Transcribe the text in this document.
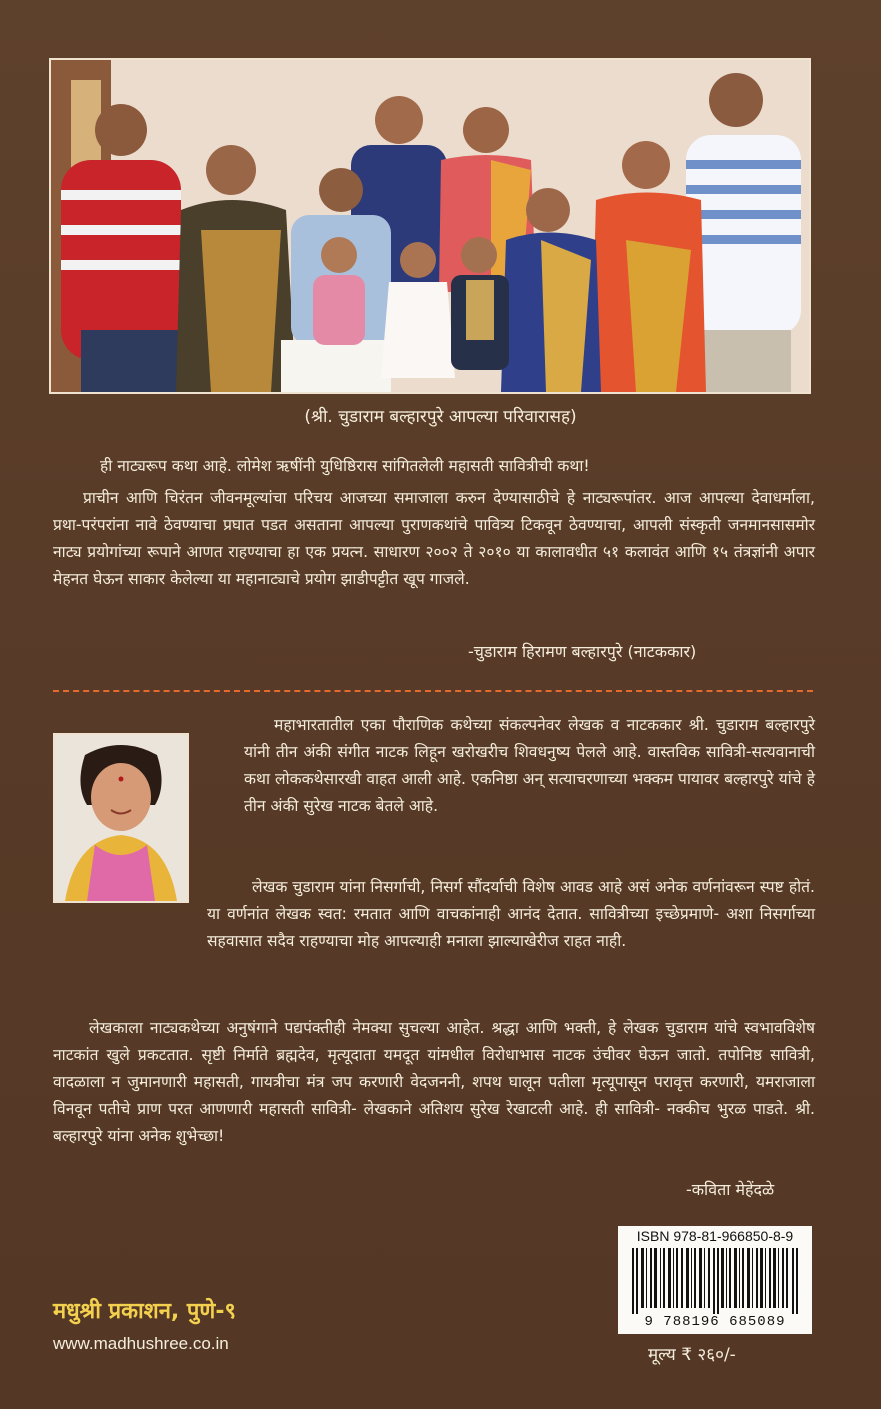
(श्री. चुडाराम बल्हारपुरे आपल्या परिवारासह)

ही नाट्यरूप कथा आहे. लोमेश ऋषींनी युधिष्ठिरास सांगितलेली महासती सावित्रीची कथा!

प्राचीन आणि चिरंतन जीवनमूल्यांचा परिचय आजच्या समाजाला करुन देण्यासाठीचे हे नाट्यरूपांतर. आज आपल्या देवाधर्माला, प्रथा-परंपरांना नावे ठेवण्याचा प्रघात पडत असताना आपल्या पुराणकथांचे पावित्र्य टिकवून ठेवण्याचा, आपली संस्कृती जनमानसासमोर नाट्य प्रयोगांच्या रूपाने आणत राहण्याचा हा एक प्रयत्न. साधारण २००२ ते २०१० या कालावधीत ५१ कलावंत आणि १५ तंत्रज्ञांनी अपार मेहनत घेऊन साकार केलेल्या या महानाट्याचे प्रयोग झाडीपट्टीत खूप गाजले.

-चुडाराम हिरामण बल्हारपुरे (नाटककार)

महाभारतातील एका पौराणिक कथेच्या संकल्पनेवर लेखक व नाटककार श्री. चुडाराम बल्हारपुरे यांनी तीन अंकी संगीत नाटक लिहून खरोखरीच शिवधनुष्य पेलले आहे. वास्तविक सावित्री-सत्यवानाची कथा लोककथेसारखी वाहत आली आहे. एकनिष्ठा अन् सत्याचरणाच्या भक्कम पायावर बल्हारपुरे यांचे हे तीन अंकी सुरेख नाटक बेतले आहे.

लेखक चुडाराम यांना निसर्गाची, निसर्ग सौंदर्याची विशेष आवड आहे असं अनेक वर्णनांवरून स्पष्ट होतं. या वर्णनांत लेखक स्वत: रमतात आणि वाचकांनाही आनंद देतात. सावित्रीच्या इच्छेप्रमाणे- अशा निसर्गाच्या सहवासात सदैव राहण्याचा मोह आपल्याही मनाला झाल्याखेरीज राहत नाही.

लेखकाला नाट्यकथेच्या अनुषंगाने पद्यपंक्तीही नेमक्या सुचल्या आहेत. श्रद्धा आणि भक्ती, हे लेखक चुडाराम यांचे स्वभावविशेष नाटकांत खुले प्रकटतात. सृष्टी निर्माते ब्रह्मदेव, मृत्यूदाता यमदूत यांमधील विरोधाभास नाटक उंचीवर घेऊन जातो. तपोनिष्ठ सावित्री, वादळाला न जुमानणारी महासती, गायत्रीचा मंत्र जप करणारी वेदजननी, शपथ घालून पतीला मृत्यूपासून परावृत्त करणारी, यमराजाला विनवून पतीचे प्राण परत आणणारी महासती सावित्री- लेखकाने अतिशय सुरेख रेखाटली आहे. ही सावित्री- नक्कीच भुरळ पाडते. श्री. बल्हारपुरे यांना अनेक शुभेच्छा!

-कविता मेहेंदळे
ISBN 978-81-966850-8-9
9 788196 685089
मधुश्री प्रकाशन, पुणे-९
www.madhushree.co.in
मूल्य ₹ २६०/-
